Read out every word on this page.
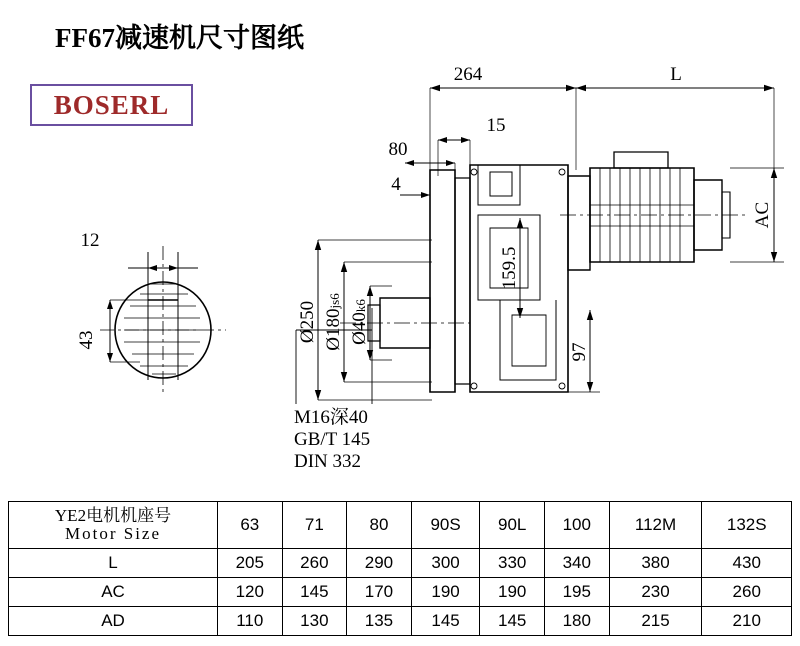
FF67减速机尺寸图纸
BOSERL
264	L
15
80
4
12
43	Ø250 Ø180js6
Ø40k6
159.5
97
AC
M16深40
GB/T 145
DIN 332
YE2电机机座号
Motor Size	63	71	80	90S	90L	100	112M	132S
L	205	260	290	300	330	340	380	430
AC	120	145	170	190	190	195	230	260
AD	110	130	135	145	145	180	215	210
